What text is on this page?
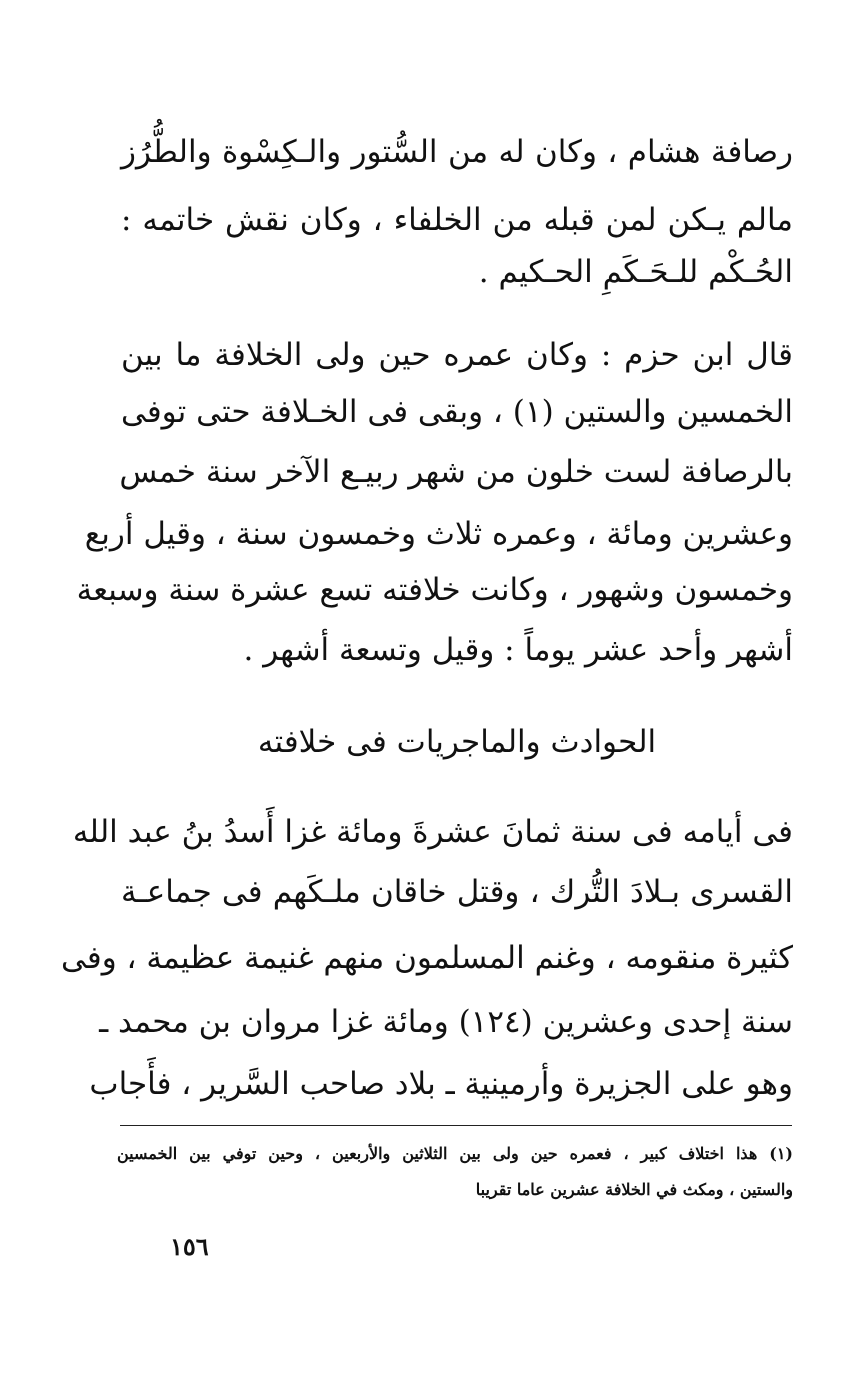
رصافة هشام ، وكان له من السُّتور والـكِسْوة والطُّرُز
مالم يـكن لمن قبله من الخلفاء ، وكان نقش خاتمه :
الحُـكْم للـحَـكَمِ الحـكيم .
قال ابن حزم : وكان عمره حين ولى الخلافة ما بين
الخمسين والستين (١) ، وبقى فى الخـلافة حتى توفى
بالرصافة لست خلون من شهر ربيـع الآخر سنة خمس
وعشرين ومائة ، وعمره ثلاث وخمسون سنة ، وقيل أربع
وخمسون وشهور ، وكانت خلافته تسع عشرة سنة وسبعة
أشهر وأحد عشر يوماً : وقيل وتسعة أشهر .
الحوادث والماجريات فى خلافته
فى أيامه فى سنة ثمانَ عشرةَ ومائة غزا أَسدُ بنُ عبد الله
القسرى بـلادَ التُّرك ، وقتل خاقان ملـكَهم فى جماعـة
كثيرة منقومه ، وغنم المسلمون منهم غنيمة عظيمة ، وفى
سنة إحدى وعشرين (١٢٤) ومائة غزا مروان بن محمد ـ
وهو على الجزيرة وأرمينية ـ بلاد صاحب السَّرير ، فأَجاب
(١) هذا اختلاف كبير ، فعمره حين ولى بين الثلاثين والأربعين ، وحين توفي بين الخمسين
والستين ، ومكث في الخلافة عشرين عاما تقريبا
١٥٦
